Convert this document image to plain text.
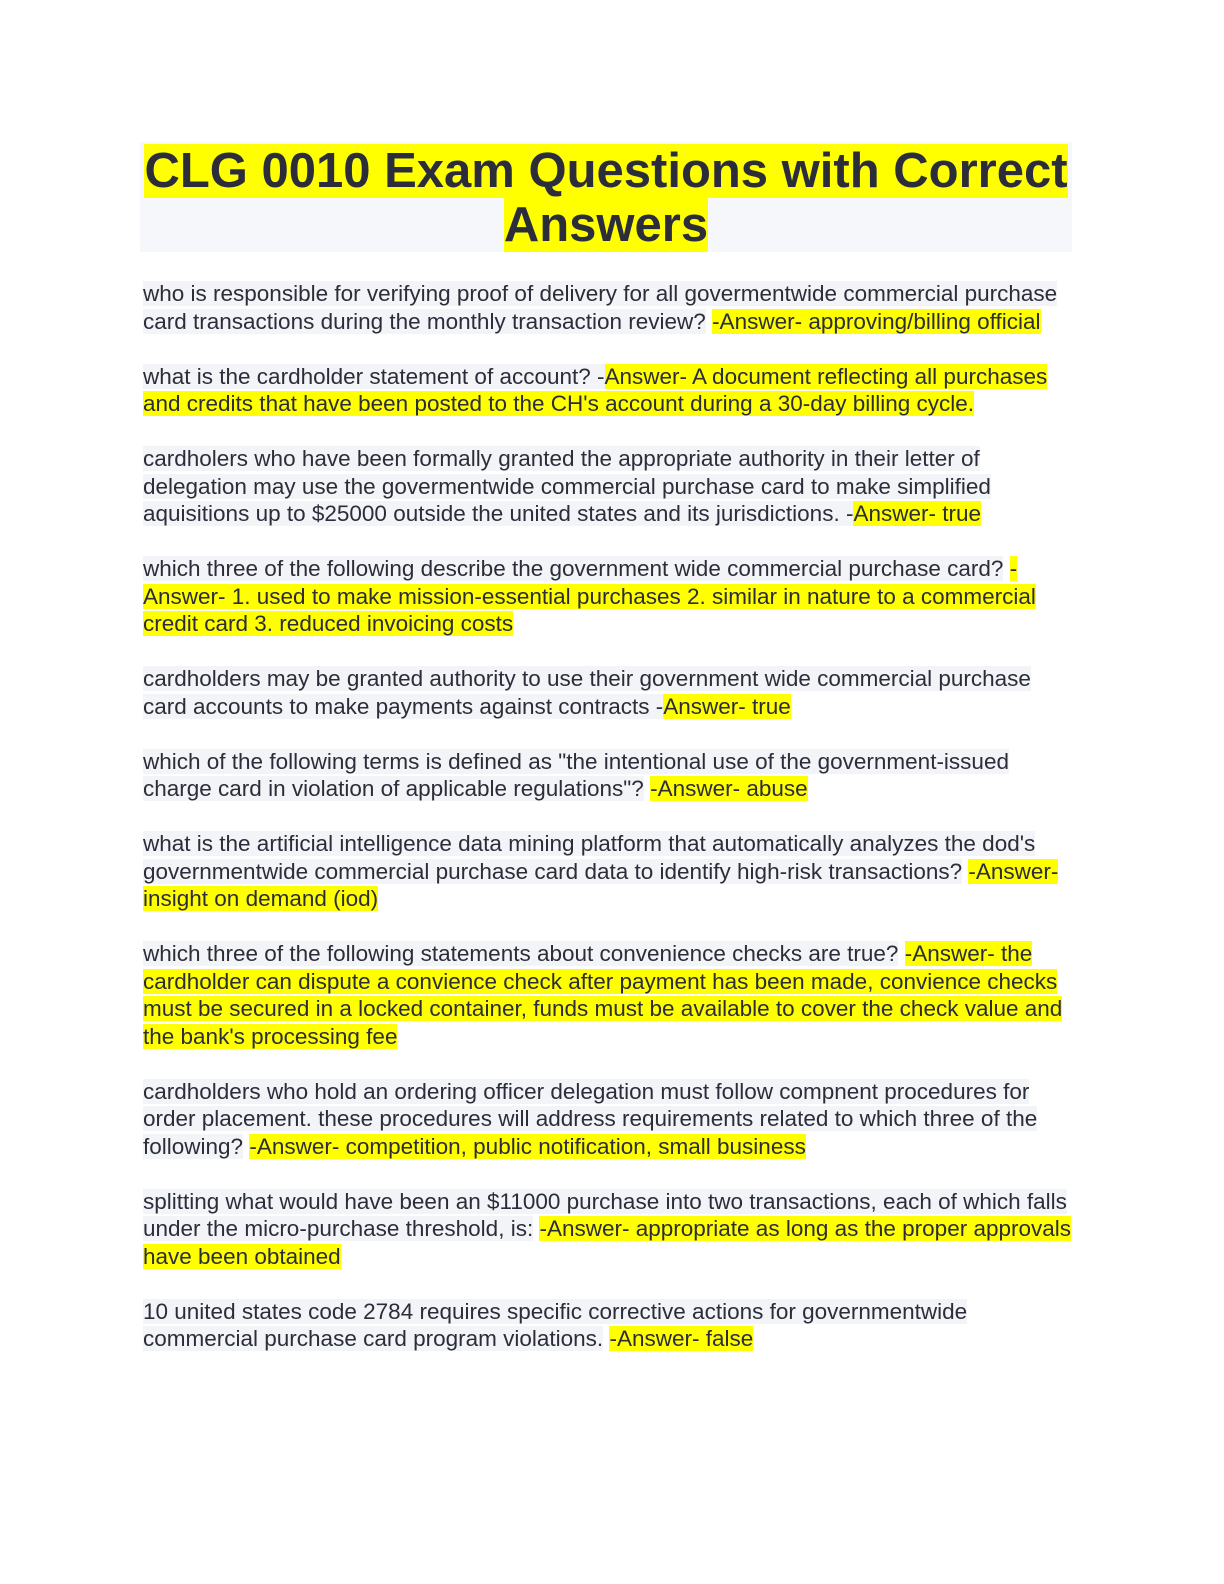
CLG 0010 Exam Questions with Correct
Answers

who is responsible for verifying proof of delivery for all govermentwide commercial purchase card transactions during the monthly transaction review? -Answer- approving/billing official

what is the cardholder statement of account? -Answer- A document reflecting all purchases and credits that have been posted to the CH's account during a 30-day billing cycle.

cardholers who have been formally granted the appropriate authority in their letter of delegation may use the govermentwide commercial purchase card to make simplified aquisitions up to $25000 outside the united states and its jurisdictions. -Answer- true

which three of the following describe the government wide commercial purchase card? -Answer- 1. used to make mission-essential purchases 2. similar in nature to a commercial credit card 3. reduced invoicing costs

cardholders may be granted authority to use their government wide commercial purchase card accounts to make payments against contracts -Answer- true

which of the following terms is defined as "the intentional use of the government-issued charge card in violation of applicable regulations"? -Answer- abuse

what is the artificial intelligence data mining platform that automatically analyzes the dod's governmentwide commercial purchase card data to identify high-risk transactions? -Answer- insight on demand (iod)

which three of the following statements about convenience checks are true? -Answer- the cardholder can dispute a convience check after payment has been made, convience checks must be secured in a locked container, funds must be available to cover the check value and the bank's processing fee

cardholders who hold an ordering officer delegation must follow compnent procedures for order placement. these procedures will address requirements related to which three of the following? -Answer- competition, public notification, small business

splitting what would have been an $11000 purchase into two transactions, each of which falls under the micro-purchase threshold, is: -Answer- appropriate as long as the proper approvals have been obtained

10 united states code 2784 requires specific corrective actions for governmentwide commercial purchase card program violations. -Answer- false
